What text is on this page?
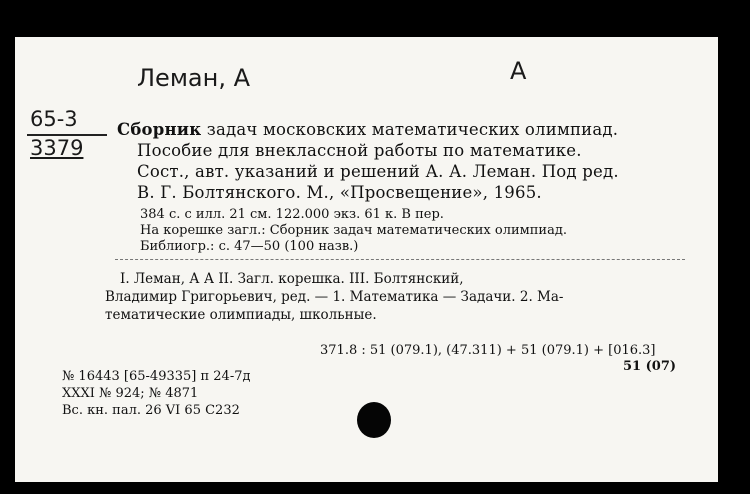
Леман, А	А
65-3
3379
Сборник задач московских математических олимпиад.
Пособие для внеклассной работы по математике.
Сост., авт. указаний и решений А. А. Леман. Под ред.
В. Г. Болтянского. М., «Просвещение», 1965.
384 с. с илл. 21 см. 122.000 экз. 61 к. В пер.
На корешке загл.: Сборник задач математических олимпиад.
Библиогр.: с. 47—50 (100 назв.)
I. Леман, А А II. Загл. корешка. III. Болтянский,
Владимир Григорьевич, ред. — 1. Математика — Задачи. 2. Ма-
тематические олимпиады, школьные.
371.8 : 51 (079.1), (47.311) + 51 (079.1) + [016.3]
51 (07)
№ 16443 [65-49335] п 24-7д
XXXI № 924; № 4871
Вс. кн. пал. 26 VI 65 С232
